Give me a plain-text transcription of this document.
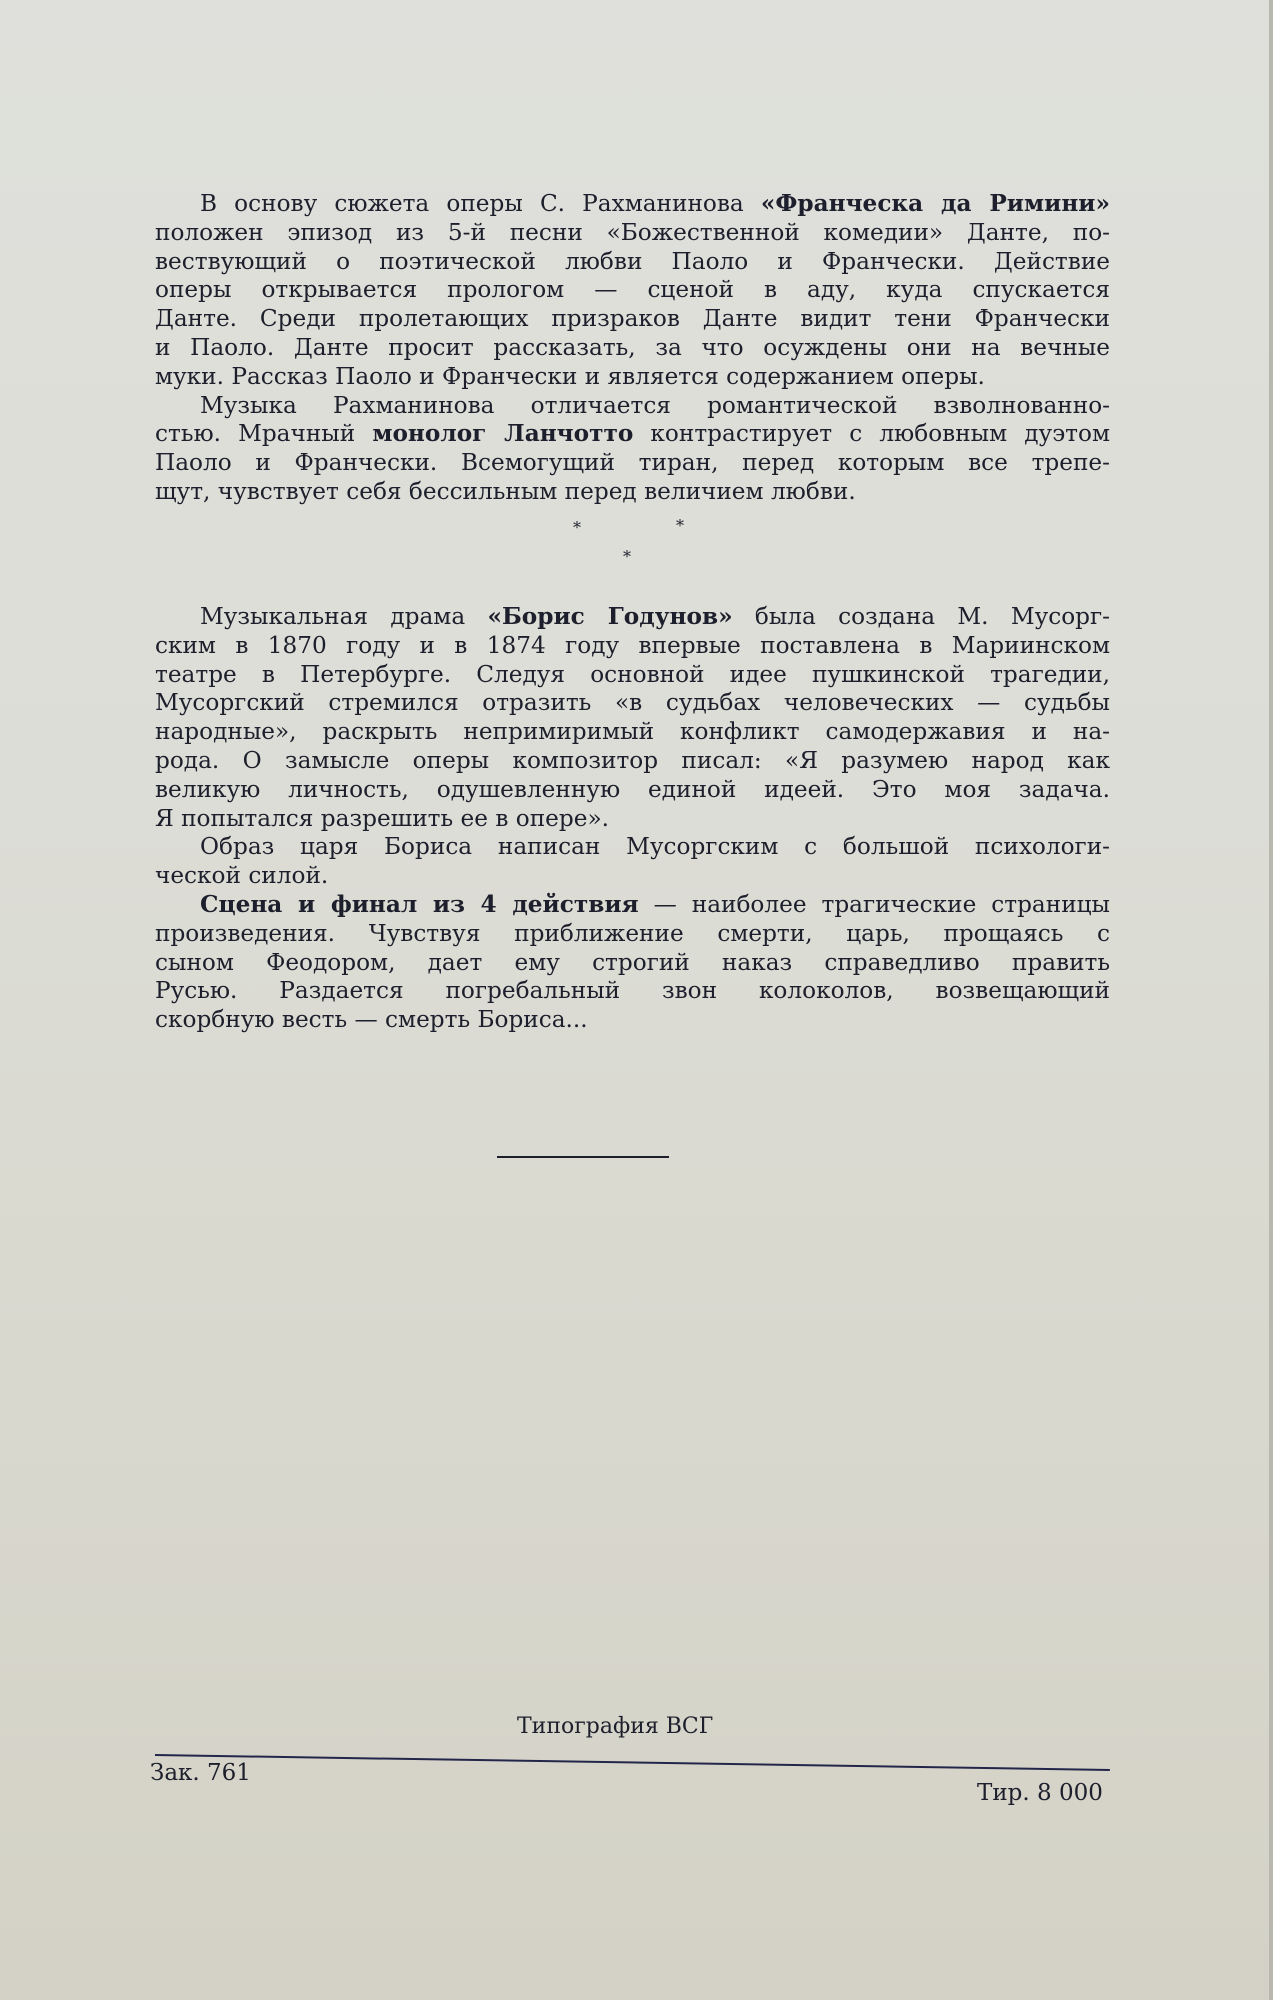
В основу сюжета оперы С. Рахманинова «Франческа да Римини»
положен эпизод из 5-й песни «Божественной комедии» Данте, по-
вествующий о поэтической любви Паоло и Франчески. Действие
оперы открывается прологом — сценой в аду, куда спускается
Данте. Среди пролетающих призраков Данте видит тени Франчески
и Паоло. Данте просит рассказать, за что осуждены они на вечные
муки. Рассказ Паоло и Франчески и является содержанием оперы.
Музыка Рахманинова отличается романтической взволнованно-
стью. Мрачный монолог Ланчотто контрастирует с любовным дуэтом
Паоло и Франчески. Всемогущий тиран, перед которым все трепе-
щут, чувствует себя бессильным перед величием любви.
*	*
*
Музыкальная драма «Борис Годунов» была создана М. Мусорг-
ским в 1870 году и в 1874 году впервые поставлена в Мариинском
театре в Петербурге. Следуя основной идее пушкинской трагедии,
Мусоргский стремился отразить «в судьбах человеческих — судьбы
народные», раскрыть непримиримый конфликт самодержавия и на-
рода. О замысле оперы композитор писал: «Я разумею народ как
великую личность, одушевленную единой идеей. Это моя задача.
Я попытался разрешить ее в опере».
Образ царя Бориса написан Мусоргским с большой психологи-
ческой силой.
Сцена и финал из 4 действия — наиболее трагические страницы
произведения. Чувствуя приближение смерти, царь, прощаясь с
сыном Феодором, дает ему строгий наказ справедливо править
Русью. Раздается погребальный звон колоколов, возвещающий
скорбную весть — смерть Бориса...
Типография ВСГ
Зак. 761
Тир. 8 000
